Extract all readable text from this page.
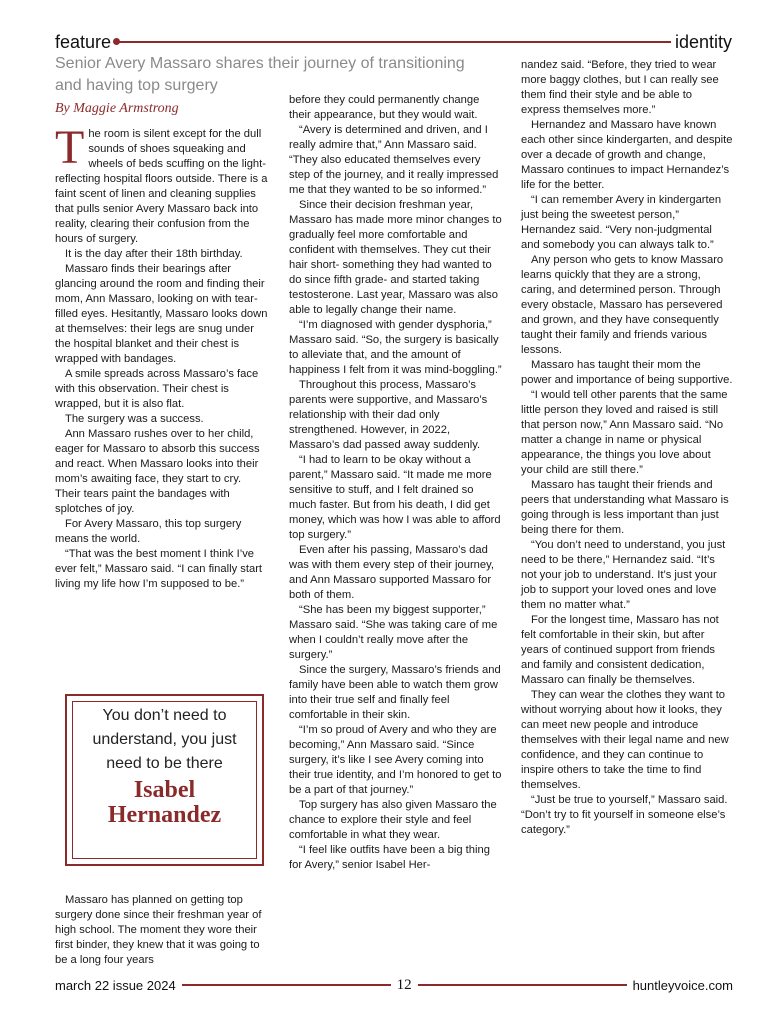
feature	identity
Senior Avery Massaro shares their journey of transitioning and having top surgery
By Maggie Armstrong

The room is silent except for the dull sounds of shoes squeaking and wheels of beds scuffing on the light-reflecting hospital floors outside. There is a faint scent of linen and cleaning supplies that pulls senior Avery Massaro back into reality, clearing their confusion from the hours of surgery.

It is the day after their 18th birthday.

Massaro finds their bearings after glancing around the room and finding their mom, Ann Massaro, looking on with tear-filled eyes. Hesitantly, Massaro looks down at themselves: their legs are snug under the hospital blanket and their chest is wrapped with bandages.

A smile spreads across Massaro’s face with this observation. Their chest is wrapped, but it is also flat.

The surgery was a success.

Ann Massaro rushes over to her child, eager for Massaro to absorb this success and react. When Massaro looks into their mom’s awaiting face, they start to cry. Their tears paint the bandages with splotches of joy.

For Avery Massaro, this top surgery means the world.

“That was the best moment I think I’ve ever felt,” Massaro said. “I can finally start living my life how I’m supposed to be.”

You don’t need to understand, you just need to be there
Isabel
Hernandez

Massaro has planned on getting top surgery done since their freshman year of high school. The moment they wore their first binder, they knew that it was going to be a long four years

before they could permanently change their appearance, but they would wait.

“Avery is determined and driven, and I really admire that,” Ann Massaro said. “They also educated themselves every step of the journey, and it really impressed me that they wanted to be so informed.”

Since their decision freshman year, Massaro has made more minor changes to gradually feel more comfortable and confident with themselves. They cut their hair short- something they had wanted to do since fifth grade- and started taking testosterone. Last year, Massaro was also able to legally change their name.

“I’m diagnosed with gender dysphoria,” Massaro said. “So, the surgery is basically to alleviate that, and the amount of happiness I felt from it was mind-boggling.”

Throughout this process, Massaro’s parents were supportive, and Massaro’s relationship with their dad only strengthened. However, in 2022, Massaro’s dad passed away suddenly.

“I had to learn to be okay without a parent,” Massaro said. “It made me more sensitive to stuff, and I felt drained so much faster. But from his death, I did get money, which was how I was able to afford top surgery.”

Even after his passing, Massaro’s dad was with them every step of their journey, and Ann Massaro supported Massaro for both of them.

“She has been my biggest supporter,” Massaro said. “She was taking care of me when I couldn’t really move after the surgery.”

Since the surgery, Massaro’s friends and family have been able to watch them grow into their true self and finally feel comfortable in their skin.

“I’m so proud of Avery and who they are becoming,” Ann Massaro said. “Since surgery, it’s like I see Avery coming into their true identity, and I’m honored to get to be a part of that journey.”

Top surgery has also given Massaro the chance to explore their style and feel comfortable in what they wear.

“I feel like outfits have been a big thing for Avery,” senior Isabel Her-

nandez said. “Before, they tried to wear more baggy clothes, but I can really see them find their style and be able to express themselves more.”

Hernandez and Massaro have known each other since kindergarten, and despite over a decade of growth and change, Massaro continues to impact Hernandez’s life for the better.

“I can remember Avery in kindergarten just being the sweetest person,” Hernandez said. “Very non-judgmental and somebody you can always talk to.”

Any person who gets to know Massaro learns quickly that they are a strong, caring, and determined person. Through every obstacle, Massaro has persevered and grown, and they have consequently taught their family and friends various lessons.

Massaro has taught their mom the power and importance of being supportive.

“I would tell other parents that the same little person they loved and raised is still that person now,” Ann Massaro said. “No matter a change in name or physical appearance, the things you love about your child are still there.”

Massaro has taught their friends and peers that understanding what Massaro is going through is less important than just being there for them.

“You don’t need to understand, you just need to be there,” Hernandez said. “It’s not your job to understand. It’s just your job to support your loved ones and love them no matter what.”

For the longest time, Massaro has not felt comfortable in their skin, but after years of continued support from friends and family and consistent dedication, Massaro can finally be themselves.

They can wear the clothes they want to without worrying about how it looks, they can meet new people and introduce themselves with their legal name and new confidence, and they can continue to inspire others to take the time to find themselves.

“Just be true to yourself,” Massaro said. “Don’t try to fit yourself in someone else’s category.”

march 22 issue 2024	12	huntleyvoice.com
